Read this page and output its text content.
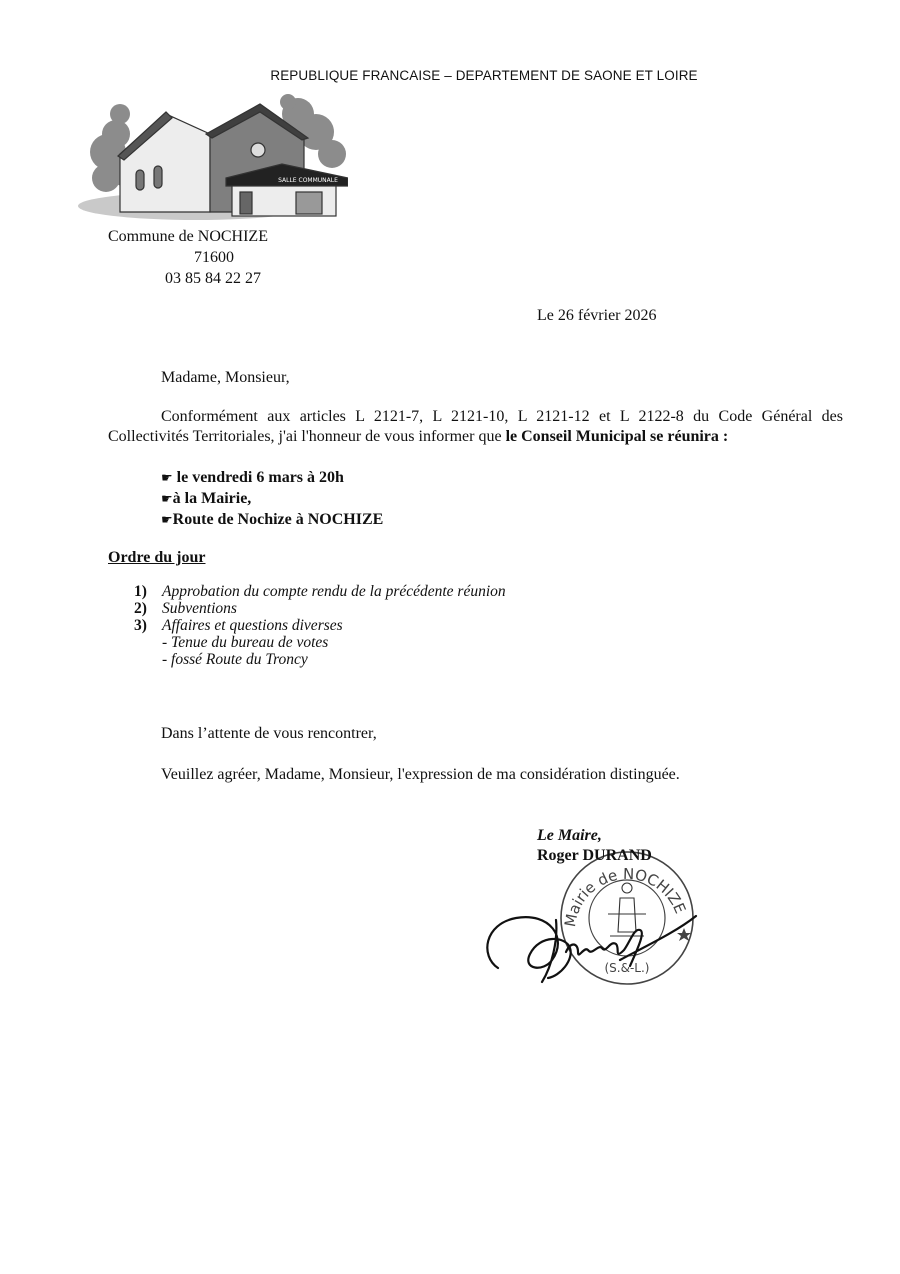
REPUBLIQUE FRANCAISE – DEPARTEMENT DE SAONE ET LOIRE
SALLE COMMUNALE
Commune de NOCHIZE
71600
03 85 84 22 27
Le 26 février 2026
Madame, Monsieur,
Conformément aux articles L 2121-7, L 2121-10, L 2121-12 et L 2122-8 du Code Général des Collectivités Territoriales, j'ai l'honneur de vous informer que le Conseil Municipal se réunira :
☛ le vendredi 6 mars à 20h
☛à la Mairie,
☛Route de Nochize à NOCHIZE
Ordre du jour
1) Approbation du compte rendu de la précédente réunion
2) Subventions
3) Affaires et questions diverses
- Tenue du bureau de votes
- fossé Route du Troncy
Dans l’attente de vous rencontrer,
Veuillez agréer, Madame, Monsieur, l'expression de ma considération distinguée.
Mairie de NOCHIZE
(S.&-L.)
Le Maire,
Roger DURAND
